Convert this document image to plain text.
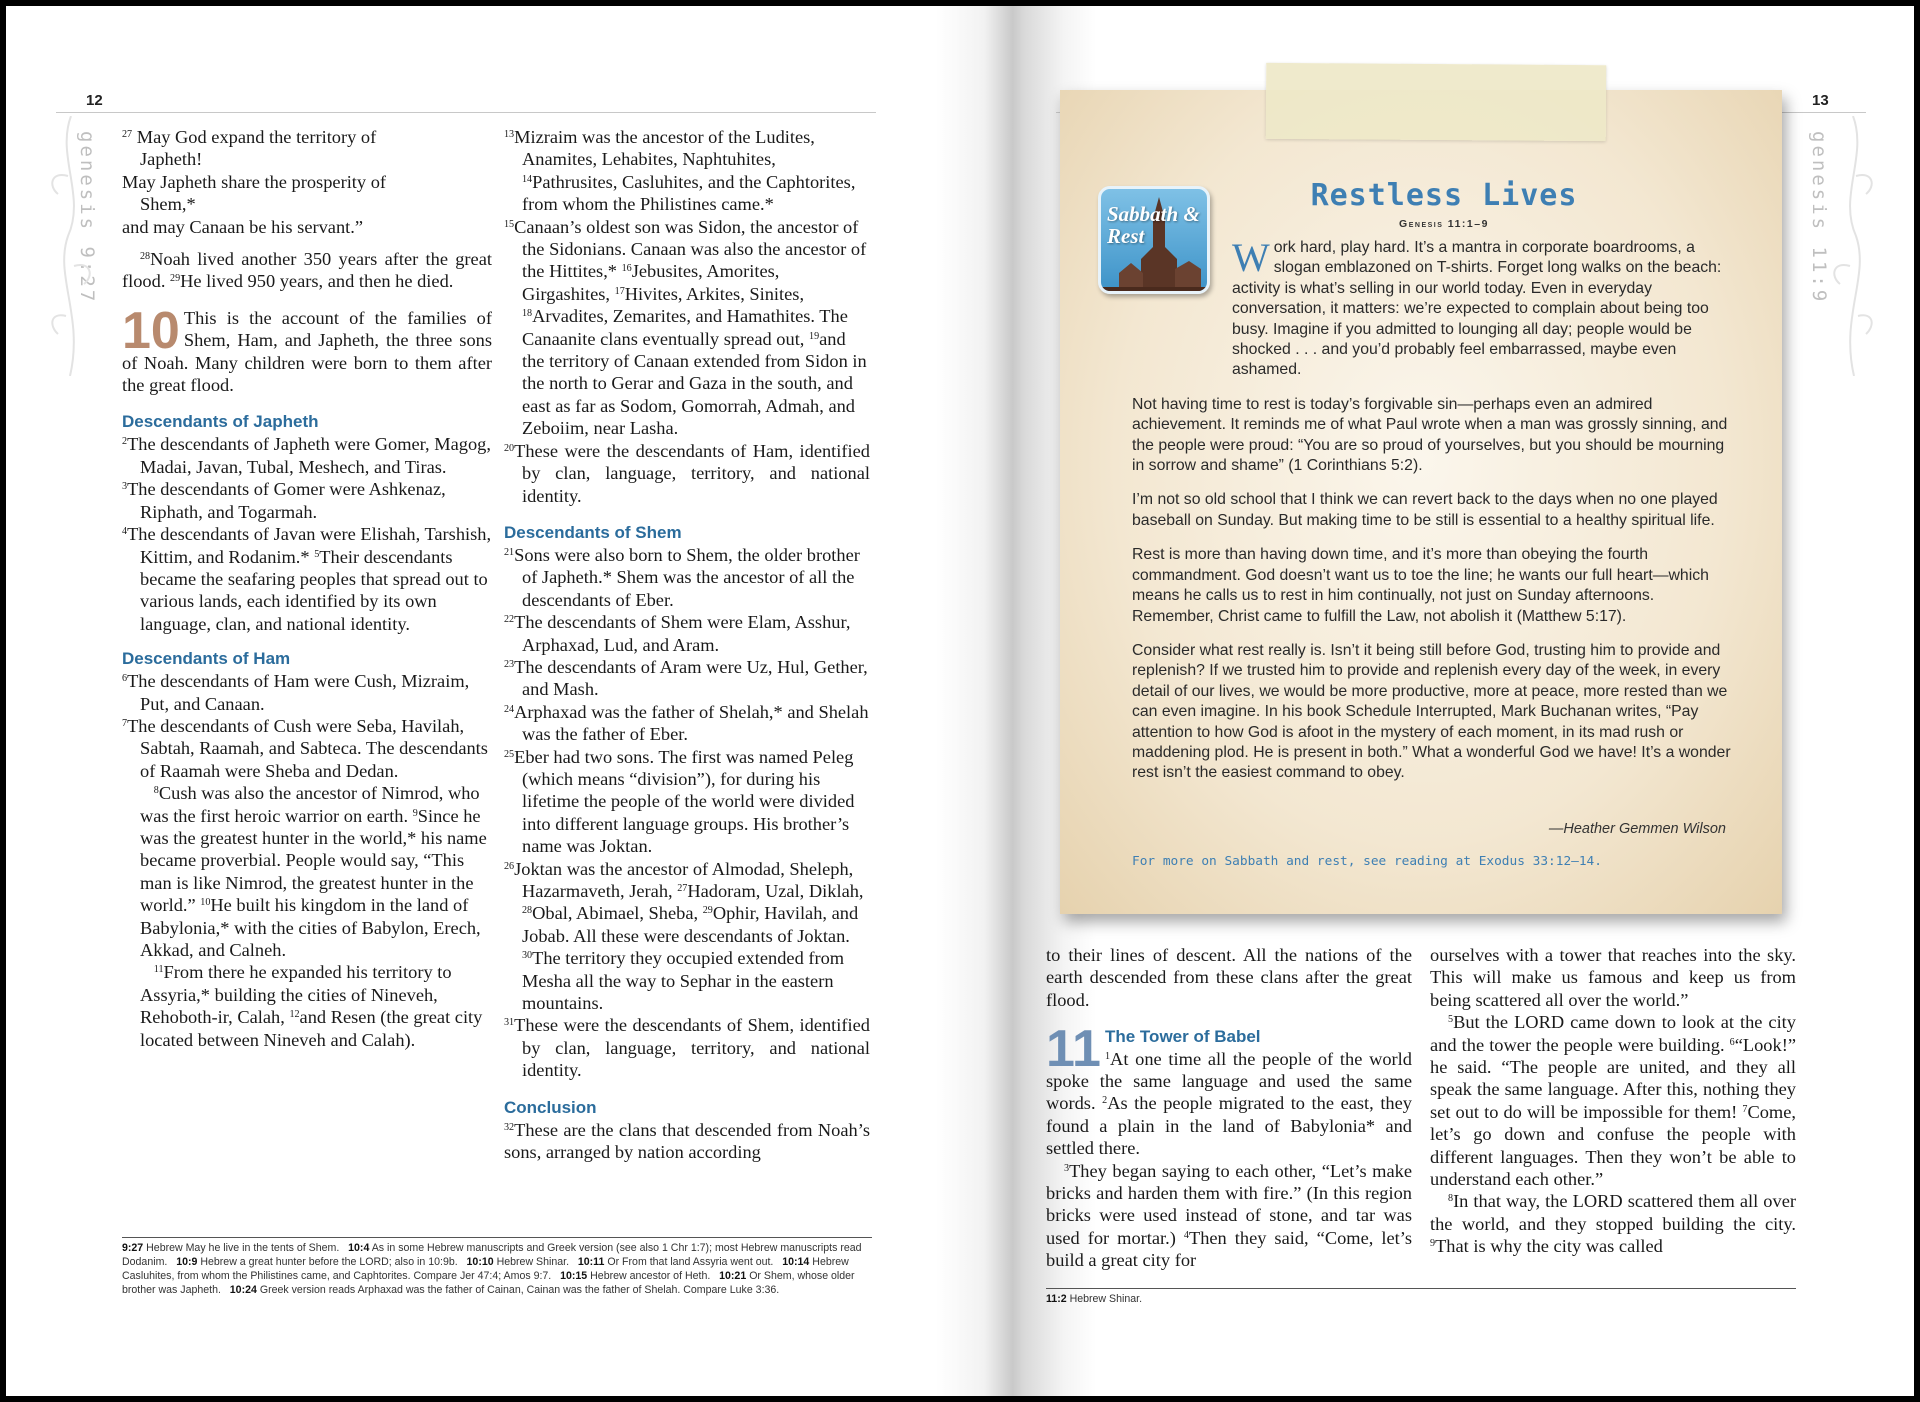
12
genesis 9:27 $^{27}$ May God expand the territory of

Japheth!

May Japheth share the prosperity of

Shem,*

and may Canaan be his servant.”

$^{28}$Noah lived another 350 years after the great flood. $^{29}$He lived 950 years, and then he died.

10 This is the account of the families of Shem, Ham, and Japheth, the three sons of Noah. Many children were born to them after the great flood.

Descendants of Japheth

$^2$The descendants of Japheth were Gomer, Magog, Madai, Javan, Tubal, Meshech, and Tiras.

$^3$The descendants of Gomer were Ashkenaz, Riphath, and Togarmah.

$^4$The descendants of Javan were Elishah, Tarshish, Kittim, and Rodanim.* $^5$Their descendants became the seafaring peoples that spread out to various lands, each identified by its own language, clan, and national identity.

Descendants of Ham

$^6$The descendants of Ham were Cush, Mizraim, Put, and Canaan.

$^7$The descendants of Cush were Seba, Havilah, Sabtah, Raamah, and Sabteca. The descendants of Raamah were Sheba and Dedan.

$^8$Cush was also the ancestor of Nimrod, who was the first heroic warrior on earth. $^9$Since he was the greatest hunter in the world,* his name became proverbial. People would say, “This man is like Nimrod, the greatest hunter in the world.” $^{10}$He built his kingdom in the land of Babylonia,* with the cities of Babylon, Erech, Akkad, and Calneh.

$^{11}$From there he expanded his territory to Assyria,* building the cities of Nineveh, Rehoboth-ir, Calah, $^{12}$and Resen (the great city located between Nineveh and Calah).

$^{13}$Mizraim was the ancestor of the Ludites, Anamites, Lehabites, Naphtuhites,

$^{14}$Pathrusites, Casluhites, and the Caphtorites, from whom the Philistines came.*

$^{15}$Canaan’s oldest son was Sidon, the ancestor of the Sidonians. Canaan was also the ancestor of the Hittites,* $^{16}$Jebusites, Amorites, Girgashites, $^{17}$Hivites, Arkites, Sinites, $^{18}$Arvadites, Zemarites, and Hamathites. The Canaanite clans eventually spread out, $^{19}$and the territory of Canaan extended from Sidon in the north to Gerar and Gaza in the south, and east as far as Sodom, Gomorrah, Admah, and Zeboiim, near Lasha.

$^{20}$These were the descendants of Ham, identified by clan, language, territory, and national identity.

Descendants of Shem

$^{21}$Sons were also born to Shem, the older brother of Japheth.* Shem was the ancestor of all the descendants of Eber.

$^{22}$The descendants of Shem were Elam, Asshur, Arphaxad, Lud, and Aram.

$^{23}$The descendants of Aram were Uz, Hul, Gether, and Mash.

$^{24}$Arphaxad was the father of Shelah,* and Shelah was the father of Eber.

$^{25}$Eber had two sons. The first was named Peleg (which means “division”), for during his lifetime the people of the world were divided into different language groups. His brother’s name was Joktan.

$^{26}$Joktan was the ancestor of Almodad, Sheleph, Hazarmaveth, Jerah, $^{27}$Hadoram, Uzal, Diklah, $^{28}$Obal, Abimael, Sheba, $^{29}$Ophir, Havilah, and Jobab. All these were descendants of Joktan. $^{30}$The territory they occupied extended from Mesha all the way to Sephar in the eastern mountains.

$^{31}$These were the descendants of Shem, identified by clan, language, territory, and national identity.

Conclusion

$^{32}$These are the clans that descended from Noah’s sons, arranged by nation according

9:27 Hebrew May he live in the tents of Shem. 10:4 As in some Hebrew manuscripts and Greek version (see also 1 Chr 1:7); most Hebrew manuscripts read Dodanim. 10:9 Hebrew a great hunter before the LORD; also in 10:9b. 10:10 Hebrew Shinar. 10:11 Or From that land Assyria went out. 10:14 Hebrew Casluhites, from whom the Philistines came, and Caphtorites. Compare Jer 47:4; Amos 9:7. 10:15 Hebrew ancestor of Heth. 10:21 Or Shem, whose older brother was Japheth. 10:24 Greek version reads Arphaxad was the father of Cainan, Cainan was the father of Shelah. Compare Luke 3:36.
13
genesis 11:9
Sabbath & Rest
Restless Lives
Genesis 11:1–9

Work hard, play hard. It’s a mantra in corporate boardrooms, a slogan emblazoned on T-shirts. Forget long walks on the beach: activity is what’s selling in our world today. Even in everyday conversation, it matters: we’re expected to complain about being too busy. Imagine if you admitted to lounging all day; people would be shocked . . . and you’d probably feel embarrassed, maybe even ashamed.

Not having time to rest is today’s forgivable sin—perhaps even an admired achievement. It reminds me of what Paul wrote when a man was grossly sinning, and the people were proud: “You are so proud of yourselves, but you should be mourning in sorrow and shame” (1 Corinthians 5:2).

I’m not so old school that I think we can revert back to the days when no one played baseball on Sunday. But making time to be still is essential to a healthy spiritual life.

Rest is more than having down time, and it’s more than obeying the fourth commandment. God doesn’t want us to toe the line; he wants our full heart—which means he calls us to rest in him continually, not just on Sunday afternoons. Remember, Christ came to fulfill the Law, not abolish it (Matthew 5:17).

Consider what rest really is. Isn’t it being still before God, trusting him to provide and replenish? If we trusted him to provide and replenish every day of the week, in every detail of our lives, we would be more productive, more at peace, more rested than we can even imagine. In his book Schedule Interrupted, Mark Buchanan writes, “Pay attention to how God is afoot in the mystery of each moment, in its mad rush or maddening plod. He is present in both.” What a wonderful God we have! It’s a wonder rest isn’t the easiest command to obey.

—Heather Gemmen Wilson
For more on Sabbath and rest, see reading at Exodus 33:12–14.

to their lines of descent. All the nations of the earth descended from these clans after the great flood.

11 The Tower of Babel
$^1$At one time all the people of the world spoke the same language and used the same words. $^2$As the people migrated to the east, they found a plain in the land of Babylonia* and settled there.

$^3$They began saying to each other, “Let’s make bricks and harden them with fire.” (In this region bricks were used instead of stone, and tar was used for mortar.) $^4$Then they said, “Come, let’s build a great city for

ourselves with a tower that reaches into the sky. This will make us famous and keep us from being scattered all over the world.”

$^5$But the LORD came down to look at the city and the tower the people were building. $^6$“Look!” he said. “The people are united, and they all speak the same language. After this, nothing they set out to do will be impossible for them! $^7$Come, let’s go down and confuse the people with different languages. Then they won’t be able to understand each other.”

$^8$In that way, the LORD scattered them all over the world, and they stopped building the city. $^9$That is why the city was called

11:2 Hebrew Shinar.
